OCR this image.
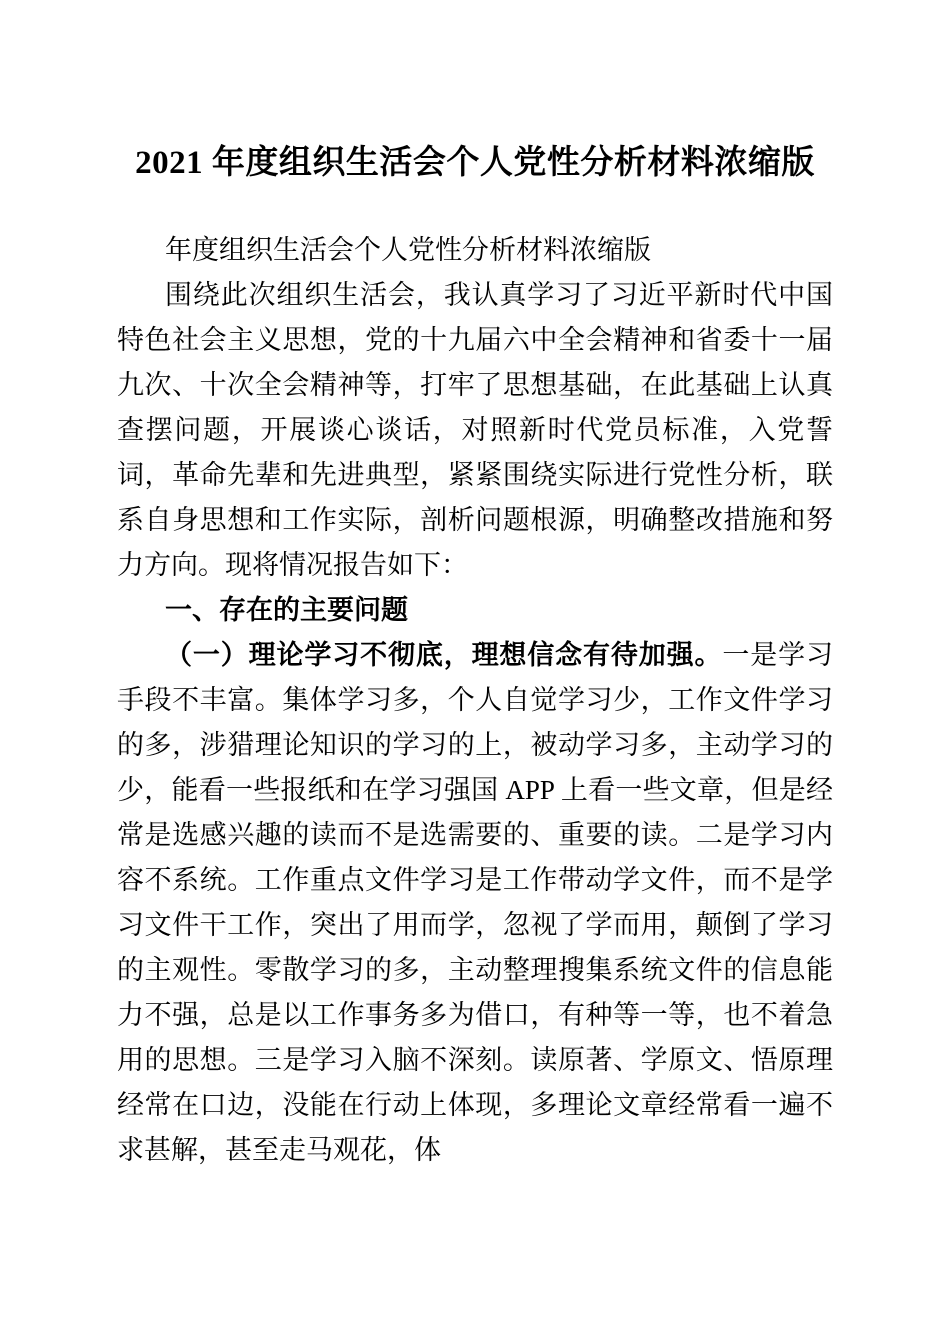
2021 年度组织生活会个人党性分析材料浓缩版

年度组织生活会个人党性分析材料浓缩版

围绕此次组织生活会，我认真学习了习近平新时代中国特色社会主义思想，党的十九届六中全会精神和省委十一届九次、十次全会精神等，打牢了思想基础，在此基础上认真查摆问题，开展谈心谈话，对照新时代党员标准，入党誓词，革命先辈和先进典型，紧紧围绕实际进行党性分析，联系自身思想和工作实际，剖析问题根源，明确整改措施和努力方向。现将情况报告如下：

一、存在的主要问题

（一）理论学习不彻底，理想信念有待加强。一是学习手段不丰富。集体学习多，个人自觉学习少，工作文件学习的多，涉猎理论知识的学习的上，被动学习多，主动学习的少，能看一些报纸和在学习强国 APP 上看一些文章，但是经常是选感兴趣的读而不是选需要的、重要的读。二是学习内容不系统。工作重点文件学习是工作带动学文件，而不是学习文件干工作，突出了用而学，忽视了学而用，颠倒了学习的主观性。零散学习的多，主动整理搜集系统文件的信息能力不强，总是以工作事务多为借口，有种等一等，也不着急用的思想。三是学习入脑不深刻。读原著、学原文、悟原理经常在口边，没能在行动上体现，多理论文章经常看一遍不求甚解，甚至走马观花，体
